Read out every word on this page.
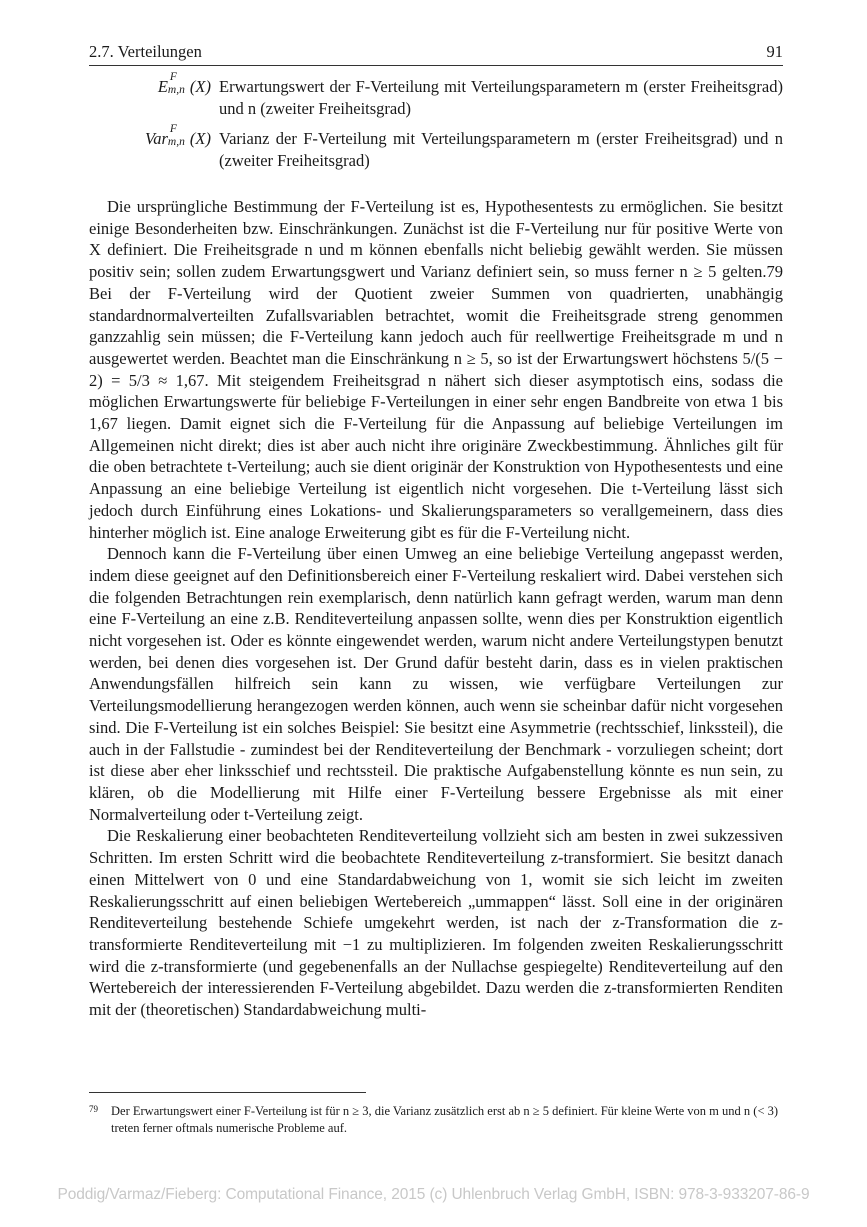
2.7. Verteilungen	91
E F
m,n (X) Erwartungswert der F-Verteilung mit Verteilungsparametern m (erster Freiheitsgrad) und n (zweiter Freiheitsgrad)
Var F
m,n (X) Varianz der F-Verteilung mit Verteilungsparametern m (erster Freiheitsgrad) und n (zweiter Freiheitsgrad)

Die ursprüngliche Bestimmung der F-Verteilung ist es, Hypothesentests zu ermöglichen. Sie besitzt einige Besonderheiten bzw. Einschränkungen. Zunächst ist die F-Verteilung nur für positive Werte von X definiert. Die Freiheitsgrade n und m können ebenfalls nicht beliebig gewählt werden. Sie müssen positiv sein; sollen zudem Erwartungsgwert und Varianz definiert sein, so muss ferner n ≥ 5 gelten.79 Bei der F-Verteilung wird der Quotient zweier Summen von quadrierten, unabhängig standardnormalverteilten Zufallsvariablen betrachtet, womit die Freiheitsgrade streng genommen ganzzahlig sein müssen; die F-Verteilung kann jedoch auch für reellwertige Freiheitsgrade m und n ausgewertet werden. Beachtet man die Einschränkung n ≥ 5, so ist der Erwartungswert höchstens 5/(5 − 2) = 5/3 ≈ 1,67. Mit steigendem Freiheitsgrad n nähert sich dieser asymptotisch eins, sodass die möglichen Erwartungswerte für beliebige F-Verteilungen in einer sehr engen Bandbreite von etwa 1 bis 1,67 liegen. Damit eignet sich die F-Verteilung für die Anpassung auf beliebige Verteilungen im Allgemeinen nicht direkt; dies ist aber auch nicht ihre originäre Zweckbestimmung. Ähnliches gilt für die oben betrachtete t-Verteilung; auch sie dient originär der Konstruktion von Hypothesentests und eine Anpassung an eine beliebige Verteilung ist eigentlich nicht vorgesehen. Die t-Verteilung lässt sich jedoch durch Einführung eines Lokations- und Skalierungsparameters so verallgemeinern, dass dies hinterher möglich ist. Eine analoge Erweiterung gibt es für die F-Verteilung nicht.

Dennoch kann die F-Verteilung über einen Umweg an eine beliebige Verteilung angepasst werden, indem diese geeignet auf den Definitionsbereich einer F-Verteilung reskaliert wird. Dabei verstehen sich die folgenden Betrachtungen rein exemplarisch, denn natürlich kann gefragt werden, warum man denn eine F-Verteilung an eine z.B. Renditeverteilung anpassen sollte, wenn dies per Konstruktion eigentlich nicht vorgesehen ist. Oder es könnte eingewendet werden, warum nicht andere Verteilungstypen benutzt werden, bei denen dies vorgesehen ist. Der Grund dafür besteht darin, dass es in vielen praktischen Anwendungsfällen hilfreich sein kann zu wissen, wie verfügbare Verteilungen zur Verteilungsmodellierung herangezogen werden können, auch wenn sie scheinbar dafür nicht vorgesehen sind. Die F-Verteilung ist ein solches Beispiel: Sie besitzt eine Asymmetrie (rechtsschief, linkssteil), die auch in der Fallstudie - zumindest bei der Renditeverteilung der Benchmark - vorzuliegen scheint; dort ist diese aber eher linksschief und rechtssteil. Die praktische Aufgabenstellung könnte es nun sein, zu klären, ob die Modellierung mit Hilfe einer F-Verteilung bessere Ergebnisse als mit einer Normalverteilung oder t-Verteilung zeigt.

Die Reskalierung einer beobachteten Renditeverteilung vollzieht sich am besten in zwei sukzessiven Schritten. Im ersten Schritt wird die beobachtete Renditeverteilung z-transformiert. Sie besitzt danach einen Mittelwert von 0 und eine Standardabweichung von 1, womit sie sich leicht im zweiten Reskalierungsschritt auf einen beliebigen Wertebereich „ummappen“ lässt. Soll eine in der originären Renditeverteilung bestehende Schiefe umgekehrt werden, ist nach der z-Transformation die z-transformierte Renditeverteilung mit −1 zu multiplizieren. Im folgenden zweiten Reskalierungsschritt wird die z-transformierte (und gegebenenfalls an der Nullachse gespiegelte) Renditeverteilung auf den Wertebereich der interessierenden F-Verteilung abgebildet. Dazu werden die z-transformierten Renditen mit der (theoretischen) Standardabweichung multi-

79	Der Erwartungswert einer F-Verteilung ist für n ≥ 3, die Varianz zusätzlich erst ab n ≥ 5 definiert. Für kleine Werte von m und n (< 3) treten ferner oftmals numerische Probleme auf.
Poddig/Varmaz/Fieberg: Computational Finance, 2015 (c) Uhlenbruch Verlag GmbH, ISBN: 978-3-933207-86-9
